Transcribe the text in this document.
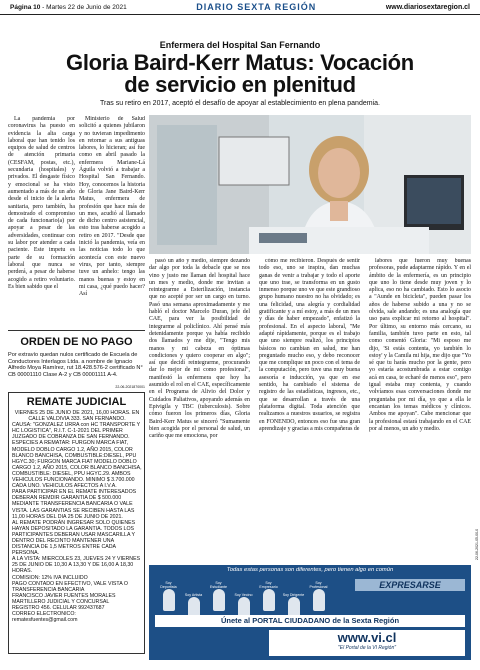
Página 10 - Martes 22 de Junio de 2021	DIARIO SEXTA REGIÓN	www.diariosextaregion.cl
Enfermera del Hospital San Fernando
Gloria Baird-Kerr Matus: Vocación
de servicio en plenitud
Tras su retiro en 2017, aceptó el desafío de apoyar al establecimiento en plena pandemia.

La pandemia por coronavirus ha puesto en evidencia la alta carga laboral que han tenido los equipos de salud de centros de atención primaria (CESFAM, postas, etc.), secundaria (hospitales) y privados. El desgaste físico y emocional se ha visto aumentado a más de un año desde el inicio de la alerta sanitaria, pero también, ha demostrado el compromiso de cada funcionario(a) por apoyar a pesar de las adversidades, continuar con su labor por atender a cada paciente. Este impetu es parte de su formación laboral que nunca se perderá, a pesar de haberse acogido a retiro voluntario. Es bien sabido que el

Ministerio de Salud solicitó a quienes jubilaron y no tuvieran impedimento en retornar a sus antiguas labores, lo hicieran; así fue como en abril pasado la enfermera Mariane-Lá Águila volvió a trabajar a Hospital San Fernando. Hoy, conocemos la historia de Gloria Jane Baird-Kerr Matus, enfermera de profesión que hace más de un mes, acudió al llamado de dicho centro asistencial, esto tras haberse acogido a retiro en 2017. "Desde que inició la pandemia, veía en las noticias todo lo que acontecía con este nuevo virus, por tanto, siempre tuve un anhelo: tengo las manos buenas y estoy en mi casa, ¿qué puedo hacer? Así

ORDEN DE NO PAGO
Por extravío quedan nulos certificado de Escuela de Conductores Interlagos Ltda. a nombre de Ignacio Alfredo Moya Ramírez, rut 18.428.576-2 certificado N° CB 00001110 Clase A-2 y CB 00001111 A-4.
22-06-2021870001
REMATE JUDICIAL

VIERNES 25 DE JUNIO DE 2021, 16,00 HORAS. EN CALLE VALDIVIA 333. SAN FERNANDO.

CAUSA: "GONZALEZ URRA con HC TRANSPORTE Y HC LOGISTICA", R.I.T. C-1-2021 DEL PRIMER JUZGADO DE COBRANZA DE SAN FERNANDO.

ESPECIES A REMATAR: FURGON MARCA FIAT, MODELO DOBLO CARGO 1.2, AÑO 2015, COLOR BLANCO BANCHISA, COMBUSTIBLE:DIESEL, PPU HGYC.30; FURGON MARCA FIAT MODELO DOBLO CARGO 1.2, AÑO 2015, COLOR BLANCO BANCHISA, COMBUSTIBLE: DIESEL, PPU HGYC.29. AMBOS VEHICULOS FUNCIONANDO. MINIMO $ 3.700.000 CADA UNO. VEHICULOS AFECTOS A I.V.A.

PARA PARTICIPAR EN EL REMATE INTERESADOS DEBERAN REMDIR GARANTIA DE $ 500.000 MEDIANTE TRANSFERENCIA BANCARIA O VALE VISTA. LAS GARANTIAS SE RECIBEN HASTA LAS 11,00 HORAS DEL DIA 25 DE JUNIO DE 2021.

AL REMATE PODRÁN INGRESAR SOLO QUIENES HAYAN DEPOSITADO LA GARANTIA. TODOS LOS PARTICIPANTES DEBERAN USAR MASCARILLA Y DENTRO DEL RECINTO MANTENER UNA DISTANCIA DE 1,5 METROS ENTRE CADA PERSONA.

A LA VISTA: MIERCOLES 23, JUEVES 24 Y VIERNES 25 DE JUNIO DE 10,30 A 13,30 Y DE 16,00 A 18,30 HORAS.

COMISION: 12% IVA INCLUIDO

PAGO CONTADO EN EFECTIVO, VALE VISTA O TRANSFERENCIA BANCARIA

FRANCISCO JAVIER FUENTES MORALES

MARTILLERO JUDICIAL Y CONCURSAL

REGISTRO 456. CELULAR 992437687

CORREO ELECTRONICO: rematesfuentes@gmail.com

pasó un año y medio, siempre dezando dar algo por toda la debacle que se nos vino y justo me llaman del hospital hace un mes y medio, donde me invitan a reintegrarme a Esterilización, instancia que no acepté por ser un cargo en turno. Pasó una semana aproximadamente y me habló el doctor Marcelo Duran, jefe del CAE, para ver la posibilidad de integrarme al policlínico. Ahí pensé más detenidamente porque ya había recibido dos llamados y me dije, "Tengo mis manos y mi cabeza en óptimas condiciones y quiero cooperar en algo"; así que decidí reintegrarme, procurando dar lo mejor de mi como profesional", manifestó la enfermera que hoy ha asumido el rol en el CAE, específicamente en el Programa de Alivio del Dolor y Cuidados Paliativos, apoyando además en Epivigila y TBC (tuberculosis). Sobre cómo fueron los primeros días, Gloria Baird-Kerr Matus se sinceró "Sumamente bien acogida por el personal de salud, un cariño que me emociona, por

cómo me recibieron. Después de sentir todo eso, uno se inspira, dan muchas ganas de venir a trabajar y todo el aporte que uno trae, se transforma en un gusto inmenso porque uno ve que este grandioso grupo humano nuestro no ha olvidado; es una felicidad, una alegría y cordialidad gratificante y a mí estoy, a más de un mes y días de haber empezado", enfatizó la profesional. En el aspecto laboral, "Me adapté rápidamente, porque es el trabajo que uno siempre realizó, los principios básicos no cambian en salud, me han preguntado mucho eso, y debo reconocer que me complique un poco con el tema de la computación, pero tuve una muy buena asesoría e inducción, ya que en ese sentido, ha cambiado el sistema de registro de las estadísticas, ingresos, etc., que se desarrollan a través de una plataforma digital. Toda atención que realizamos a nuestros usuarios, se registra en FONENDO, entonces eso fue una gran aprendizaje y gracias a mis compañeras de

labores que fueron muy buenas profesoras, pude adaptarme rápido. Y en el ámbito de la enfermería, es un principio que uno lo tiene desde muy joven y lo aplica, eso no ha cambiado. Esto lo asocio a "Aunde en bicicleta", pueden pasar los años de haberse subido a una y no se olvida, sale andando; es una analogía que uso para explicar mi retorno al hospital". Por último, su entorno más cercano, su familia, también tuvo parte en esto, tal como comentó Gloria: "Mi esposo me dijo, 'Si estás contenta, yo también lo estoy' y la Camila mi hija, me dijo que "Yo sé que tu harás mucho por la gente, pero yo estaría acostumbrada a estar contigo acá en casa, te echaré de menos eso", pero igual estaba muy contenta, y cuando volvíamos esas conversaciones donde me preguntaba por mi día, yo que a ella le encantan los temas médicos y clínicos. Ambos me apoyan". Cabe mencionar que la profesional estará trabajando en el CAE por al menos, un año y medio.

Todas estas personas son diferentes, pero tienen algo en común
Soy Deportista
Soy Artista
Soy Estudiante
Soy Vecino
Soy Empresario
Soy Dirigente
Soy Profesional	EXPRESARSE
Únete al PORTAL CIUDADANO de la Sexta Región
www.vi.cl
"El Portal de la VI Región"
22-06-2021-05-00-0
